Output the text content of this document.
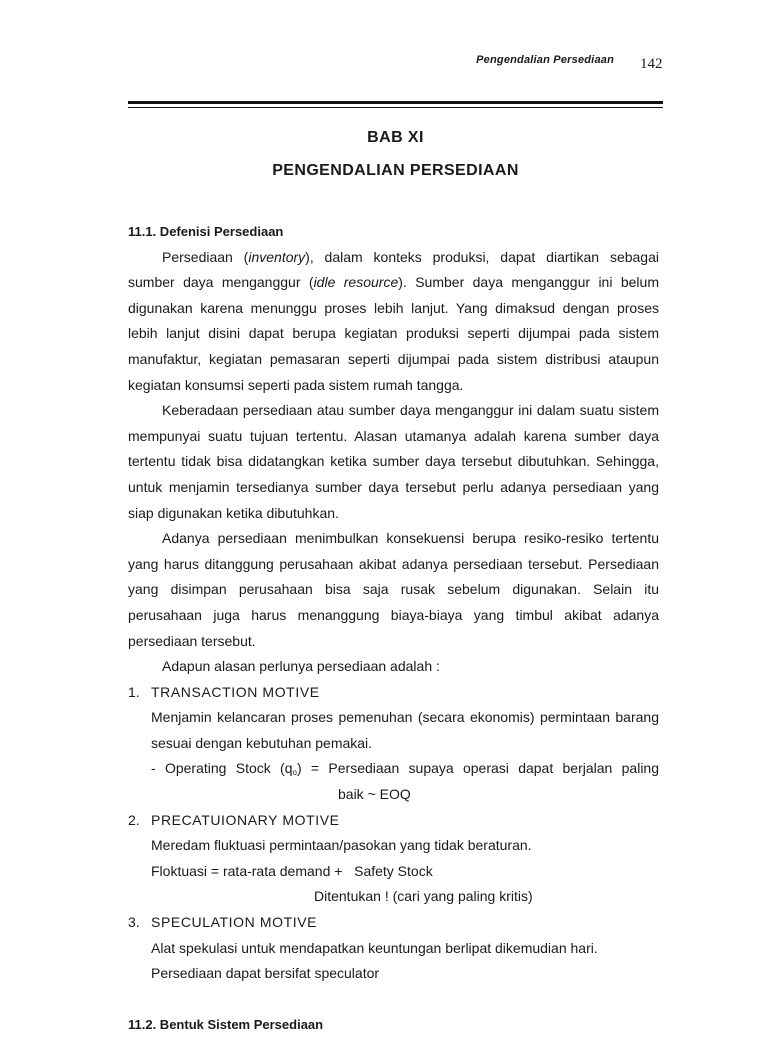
Pengendalian Persediaan 142
BAB XI
PENGENDALIAN PERSEDIAAN

11.1. Defenisi Persediaan

Persediaan (inventory), dalam konteks produksi, dapat diartikan sebagai sumber daya menganggur (idle resource). Sumber daya menganggur ini belum digunakan karena menunggu proses lebih lanjut. Yang dimaksud dengan proses lebih lanjut disini dapat berupa kegiatan produksi seperti dijumpai pada sistem manufaktur, kegiatan pemasaran seperti dijumpai pada sistem distribusi ataupun kegiatan konsumsi seperti pada sistem rumah tangga.

Keberadaan persediaan atau sumber daya menganggur ini dalam suatu sistem mempunyai suatu tujuan tertentu. Alasan utamanya adalah karena sumber daya tertentu tidak bisa didatangkan ketika sumber daya tersebut dibutuhkan. Sehingga, untuk menjamin tersedianya sumber daya tersebut perlu adanya persediaan yang siap digunakan ketika dibutuhkan.

Adanya persediaan menimbulkan konsekuensi berupa resiko-resiko tertentu yang harus ditanggung perusahaan akibat adanya persediaan tersebut. Persediaan yang disimpan perusahaan bisa saja rusak sebelum digunakan. Selain itu perusahaan juga harus menanggung biaya-biaya yang timbul akibat adanya persediaan tersebut.

Adapun alasan perlunya persediaan adalah :

1. TRANSACTION MOTIVE

Menjamin kelancaran proses pemenuhan (secara ekonomis) permintaan barang sesuai dengan kebutuhan pemakai.

- Operating Stock $(q_o)$ = Persediaan supaya operasi dapat berjalan paling

baik ~ EOQ

2. PRECATUIONARY MOTIVE

Meredam fluktuasi permintaan/pasokan yang tidak beraturan.

Floktuasi = rata-rata demand +   Safety Stock

Ditentukan ! (cari yang paling kritis)

3. SPECULATION MOTIVE

Alat spekulasi untuk mendapatkan keuntungan berlipat dikemudian hari.

Persediaan dapat bersifat speculator

11.2. Bentuk Sistem Persediaan
